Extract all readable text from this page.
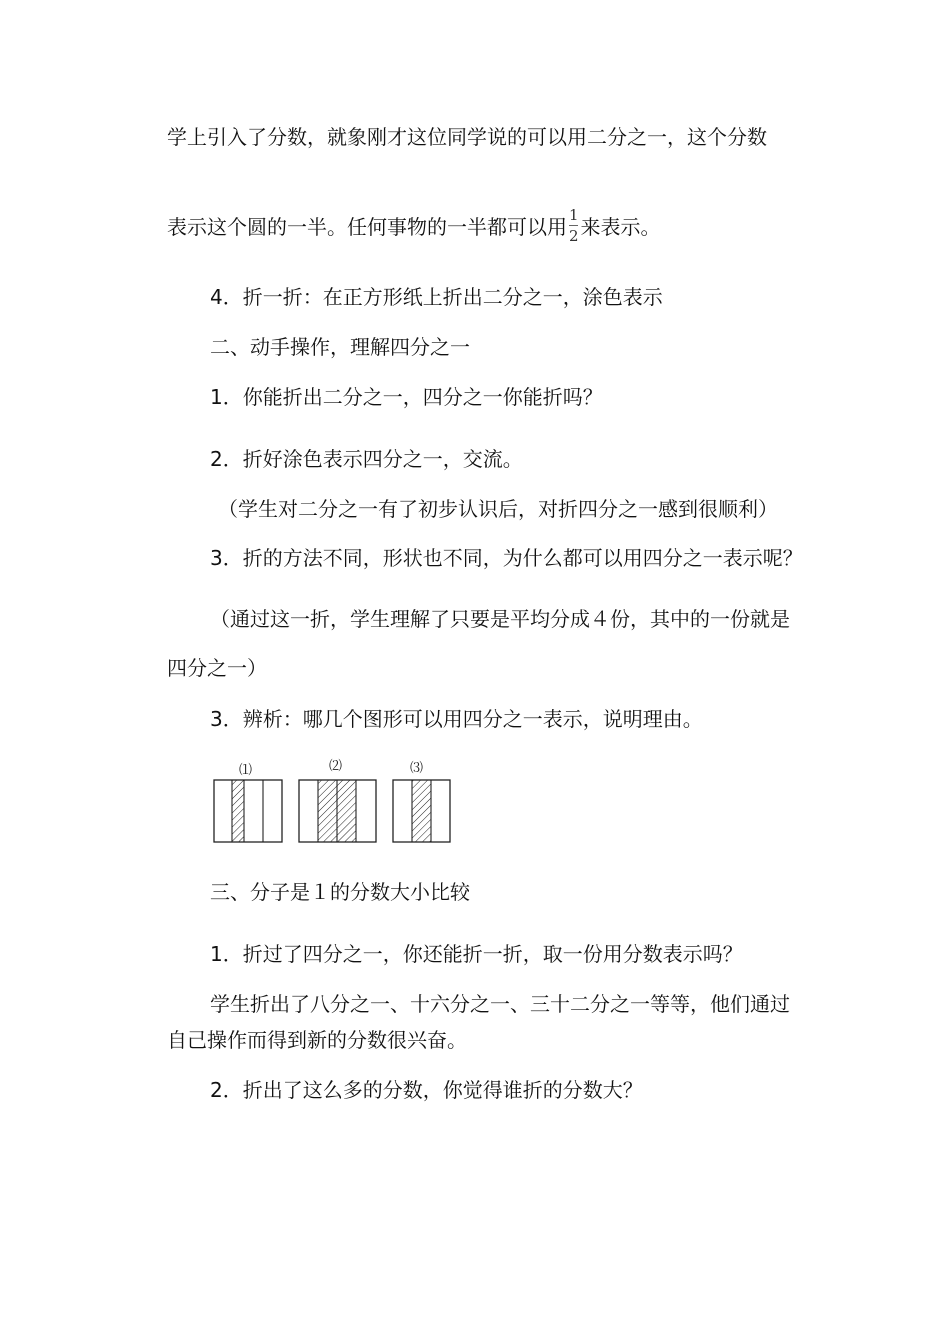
学上引入了分数，就象刚才这位同学说的可以用二分之一，这个分数
表示这个圆的一半。任何事物的一半都可以用 $\frac{1}{2}$ 来表示。
4．折一折：在正方形纸上折出二分之一，涂色表示
二、动手操作，理解四分之一
1．你能折出二分之一，四分之一你能折吗？
2．折好涂色表示四分之一，交流。
（学生对二分之一有了初步认识后，对折四分之一感到很顺利）
3．折的方法不同，形状也不同，为什么都可以用四分之一表示呢？
（通过这一折，学生理解了只要是平均分成４份，其中的一份就是
四分之一）
3．辨析：哪几个图形可以用四分之一表示，说明理由。
⑴	⑵	⑶
三、分子是１的分数大小比较
1．折过了四分之一，你还能折一折，取一份用分数表示吗？
学生折出了八分之一、十六分之一、三十二分之一等等，他们通过
自己操作而得到新的分数很兴奋。
2．折出了这么多的分数，你觉得谁折的分数大？
